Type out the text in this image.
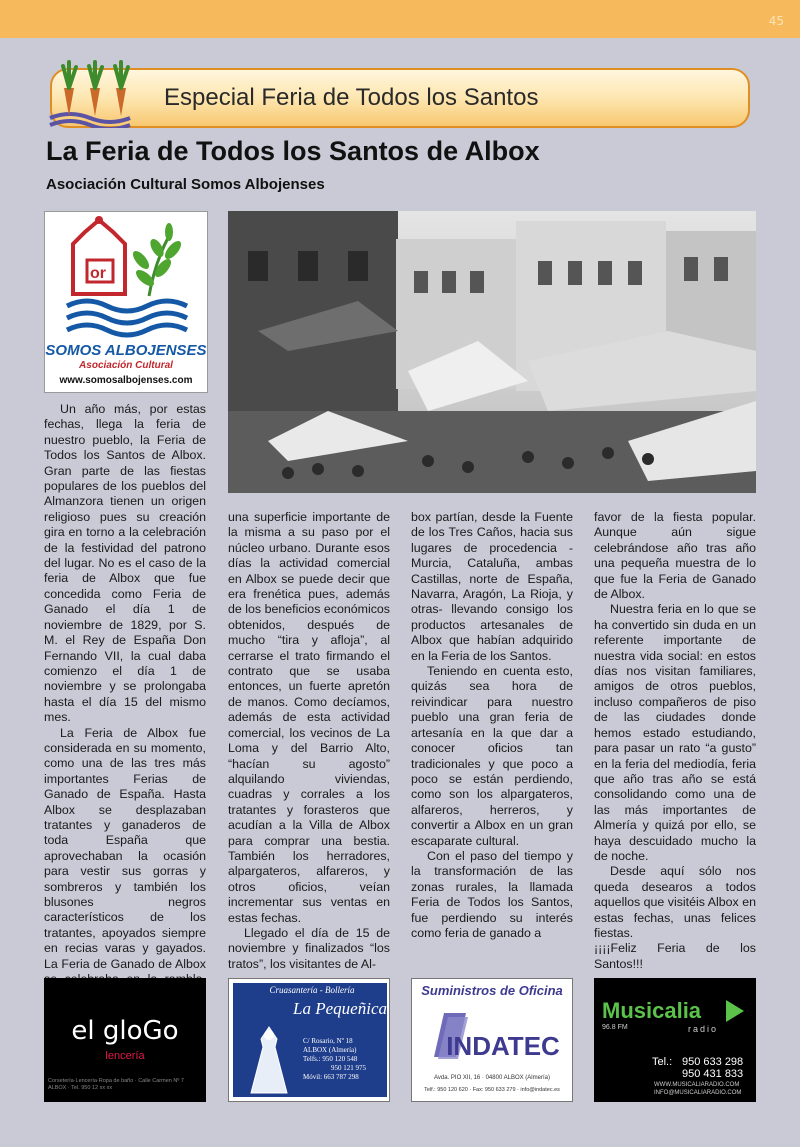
45
Especial Feria de Todos los Santos
La Feria de Todos los Santos de Albox
Asociación Cultural Somos Albojenses
or
SOMOS ALBOJENSES
Asociación Cultural
www.somosalbojenses.com

Un año más, por estas fechas, llega la feria de nuestro pueblo, la Feria de Todos los Santos de Albox. Gran parte de las fiestas populares de los pueblos del Almanzora tienen un origen religioso pues su creación gira en torno a la celebración de la festividad del patrono del lugar. No es el caso de la feria de Albox que fue concedida como Feria de Ganado el día 1 de noviembre de 1829, por S. M. el Rey de España Don Fernando VII, la cual daba comienzo el día 1 de noviembre y se prolongaba hasta el día 15 del mismo mes.

La Feria de Albox fue considerada en su momento, como una de las tres más importantes Ferias de Ganado de España. Hasta Albox se desplazaban tratantes y ganaderos de toda España que aprovechaban la ocasión para vestir sus gorras y sombreros y también los blusones negros característicos de los tratantes, apoyados siempre en recias varas y gayados. La Feria de Ganado de Albox

una superficie importante de la misma a su paso por el núcleo urbano. Durante esos días la actividad comercial en Albox se puede decir que era frenética pues, además de los beneficios económicos obtenidos, después de mucho “tira y afloja”, al cerrarse el trato firmando el contrato que se usaba entonces, un fuerte apretón de manos. Como decíamos, además de esta actividad comercial, los vecinos de La Loma y del Barrio Alto, “hacían su agosto” alquilando viviendas, cuadras y corrales a los tratantes y forasteros que acudían a la Villa de Albox para comprar una bestia. También los herradores, alpargateros, alfareros, y otros oficios, veían incrementar sus ventas en estas fechas.

Llegado el día de 15 de noviembre y finalizados “los tratos”, los visitantes de Al-

box partían, desde la Fuente de los Tres Caños, hacia sus lugares de procedencia -Murcia, Cataluña, ambas Castillas, norte de España, Navarra, Aragón, La Rioja, y otras- llevando consigo los productos artesanales de Albox que habían adquirido en la Feria de los Santos.

Teniendo en cuenta esto, quizás sea hora de reivindicar para nuestro pueblo una gran feria de artesanía en la que dar a conocer oficios tan tradicionales y que poco a poco se están perdiendo, como son los alpargateros, alfareros, herreros, y convertir a Albox en un gran escaparate cultural.

Con el paso del tiempo y la transformación de las zonas rurales, la llamada Feria de Todos los Santos, fue perdiendo su interés como feria de ganado a

favor de la fiesta popular. Aunque aún sigue celebrándose año tras año una pequeña muestra de lo que fue la Feria de Ganado de Albox.

Nuestra feria en lo que se ha convertido sin duda en un referente importante de nuestra vida social: en estos días nos visitan familiares, amigos de otros pueblos, incluso compañeros de piso de las ciudades donde hemos estado estudiando, para pasar un rato “a gusto” en la feria del mediodía, feria que año tras año se está consolidando como una de las más importantes de Almería y quizá por ello, se haya descuidado mucho la de noche.

Desde aquí sólo nos queda desearos a todos aquellos que visitéis Albox en estas fechas, unas felices fiestas.

¡¡¡¡Feliz Feria de los Santos!!!

el gloGo
lencería
Corsetería·Lencería·Ropa de baño · Calle Carmen Nº 7 ALBOX · Tel. 950 12 xx xx
Cruasantería - Bollería
La Pequeñica
C/ Rosario, Nº 18
ALBOX (Almería)
Telfs.: 950 120 548
950 121 975
Móvil: 663 787 298
Suministros de Oficina
INDATEC
Avda. PIO XII, 16 · 04800 ALBOX (Almería)
Telf.: 950 120 620 · Fax: 950 633 279 · info@indatec.es
Musicalia
radio
96.8 FM
Tel.: 950 633 298
950 431 833
WWW.MUSICALIARADIO.COM
INFO@MUSICALIARADIO.COM
